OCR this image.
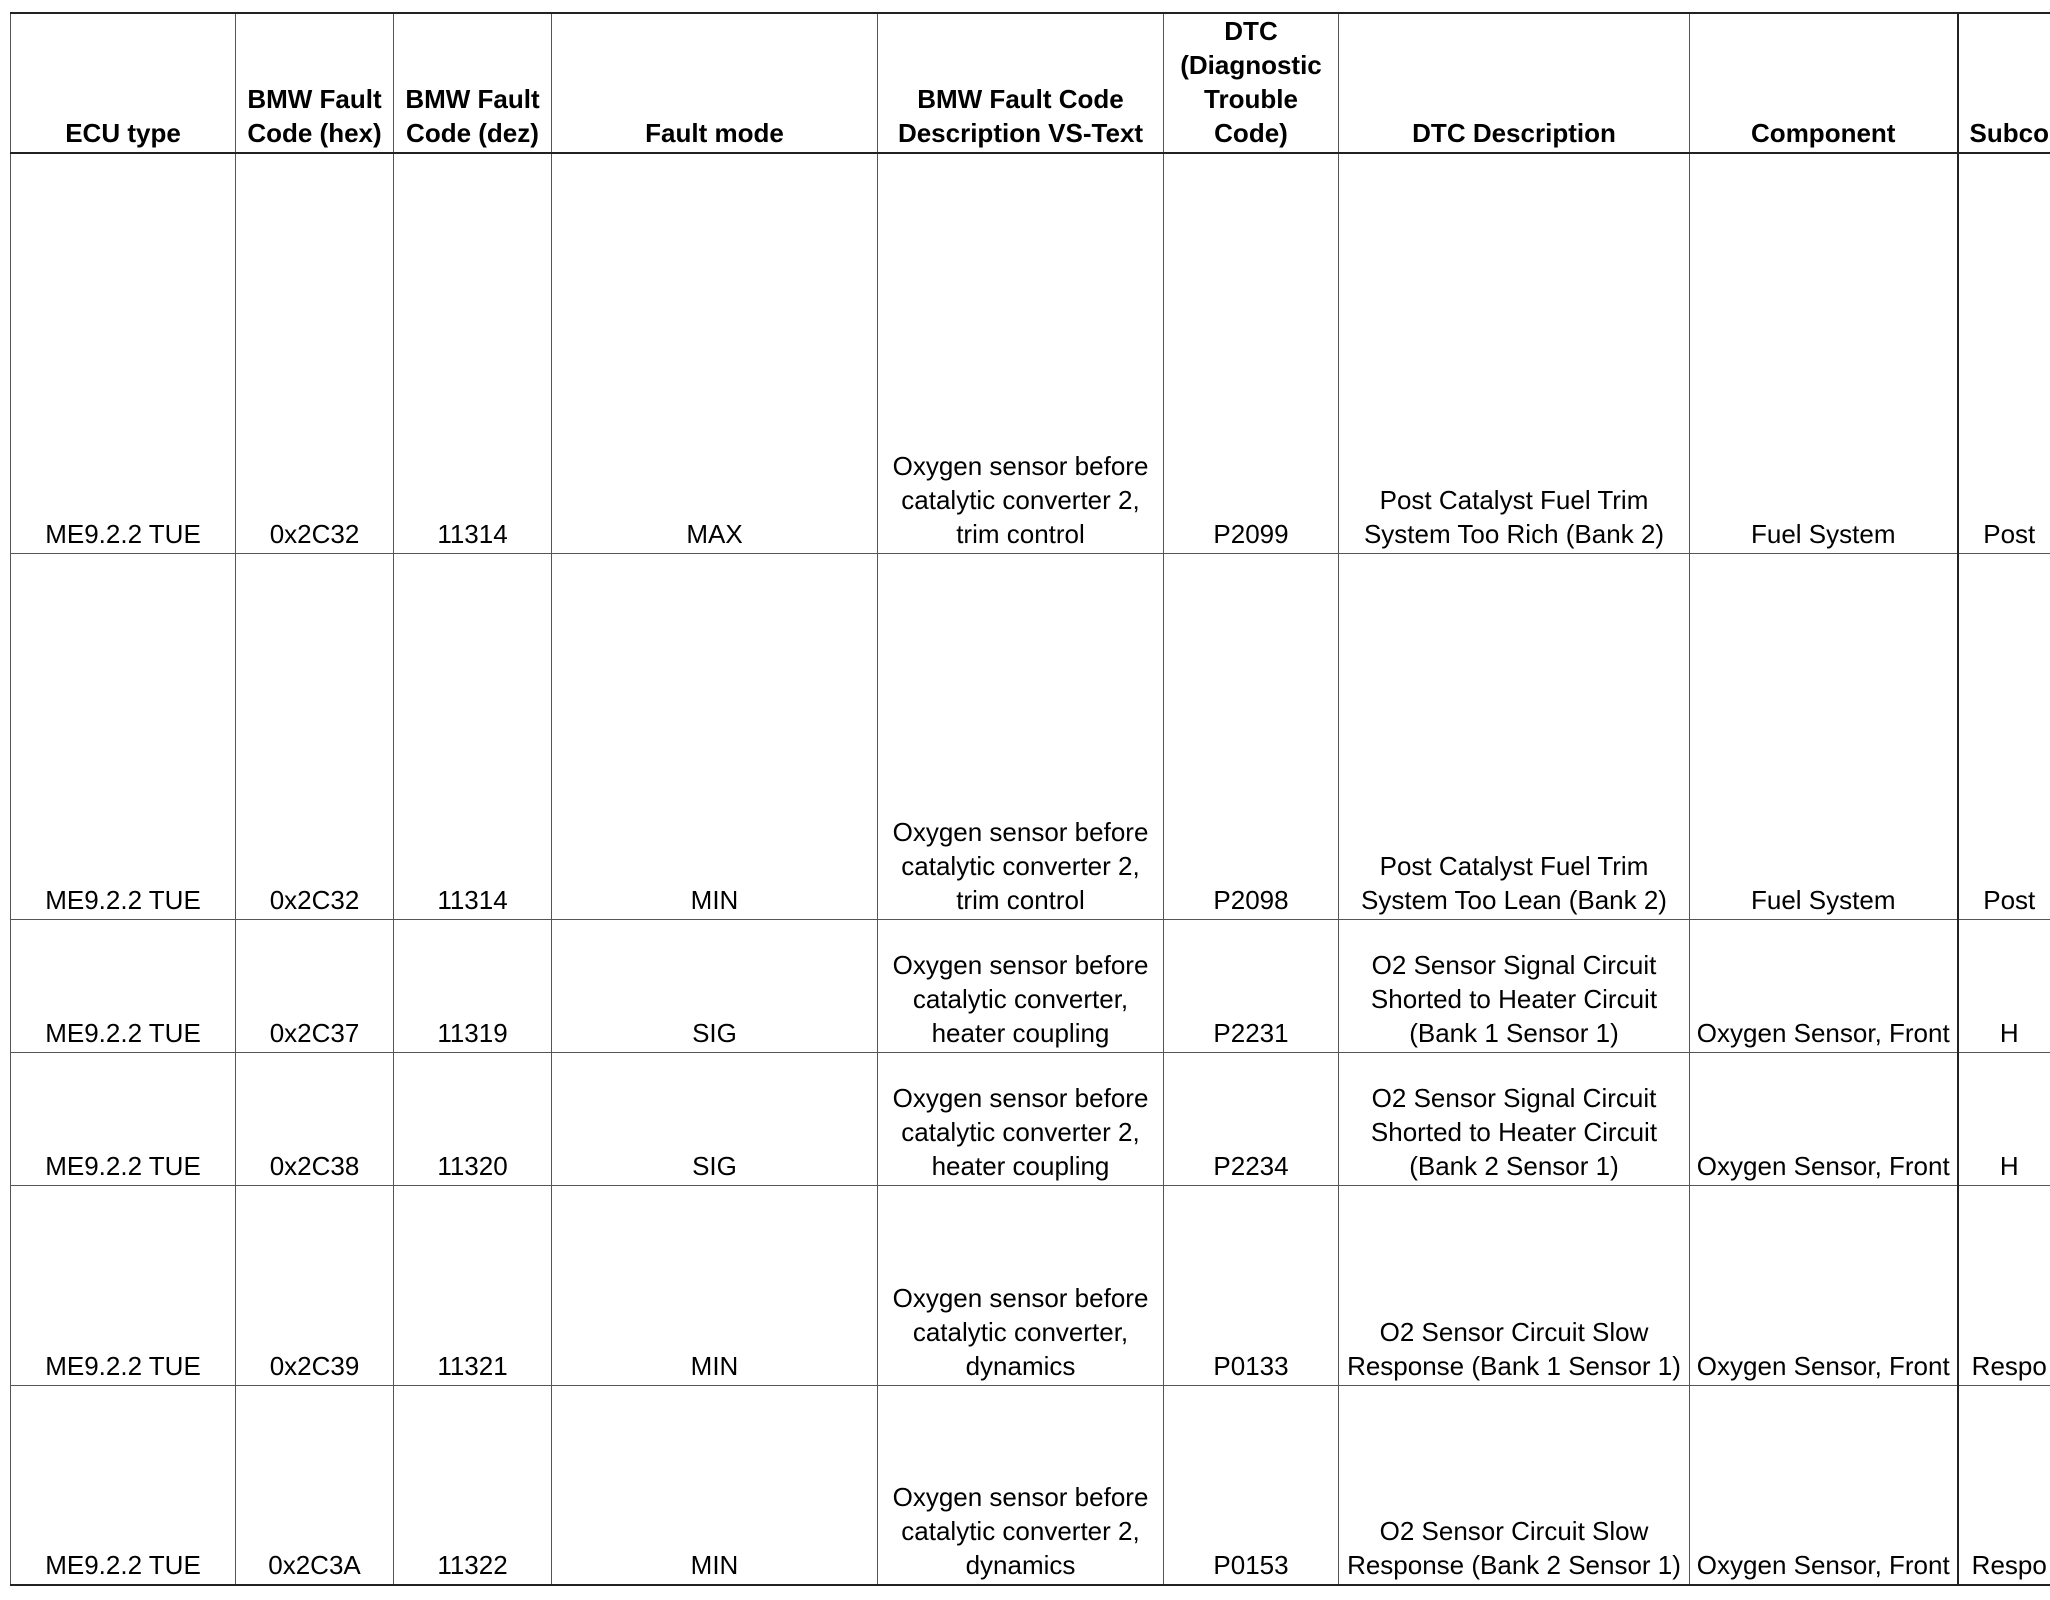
ECU type	BMW Fault Code (hex)	BMW Fault Code (dez)	Fault mode	BMW Fault Code Description VS-Text	DTC (Diagnostic Trouble Code)	DTC Description	Component	Subco
ME9.2.2 TUE	0x2C32	11314	MAX	Oxygen sensor before catalytic converter 2, trim control	P2099	Post Catalyst Fuel Trim System Too Rich (Bank 2)	Fuel System	Post
ME9.2.2 TUE	0x2C32	11314	MIN	Oxygen sensor before catalytic converter 2, trim control	P2098	Post Catalyst Fuel Trim System Too Lean (Bank 2)	Fuel System	Post
ME9.2.2 TUE	0x2C37	11319	SIG	Oxygen sensor before catalytic converter, heater coupling	P2231	O2 Sensor Signal Circuit Shorted to Heater Circuit (Bank 1 Sensor 1)	Oxygen Sensor, Front	H
ME9.2.2 TUE	0x2C38	11320	SIG	Oxygen sensor before catalytic converter 2, heater coupling	P2234	O2 Sensor Signal Circuit Shorted to Heater Circuit (Bank 2 Sensor 1)	Oxygen Sensor, Front	H
ME9.2.2 TUE	0x2C39	11321	MIN	Oxygen sensor before catalytic converter, dynamics	P0133	O2 Sensor Circuit Slow Response (Bank 1 Sensor 1)	Oxygen Sensor, Front	Respo
ME9.2.2 TUE	0x2C3A	11322	MIN	Oxygen sensor before catalytic converter 2, dynamics	P0153	O2 Sensor Circuit Slow Response (Bank 2 Sensor 1)	Oxygen Sensor, Front	Respo
